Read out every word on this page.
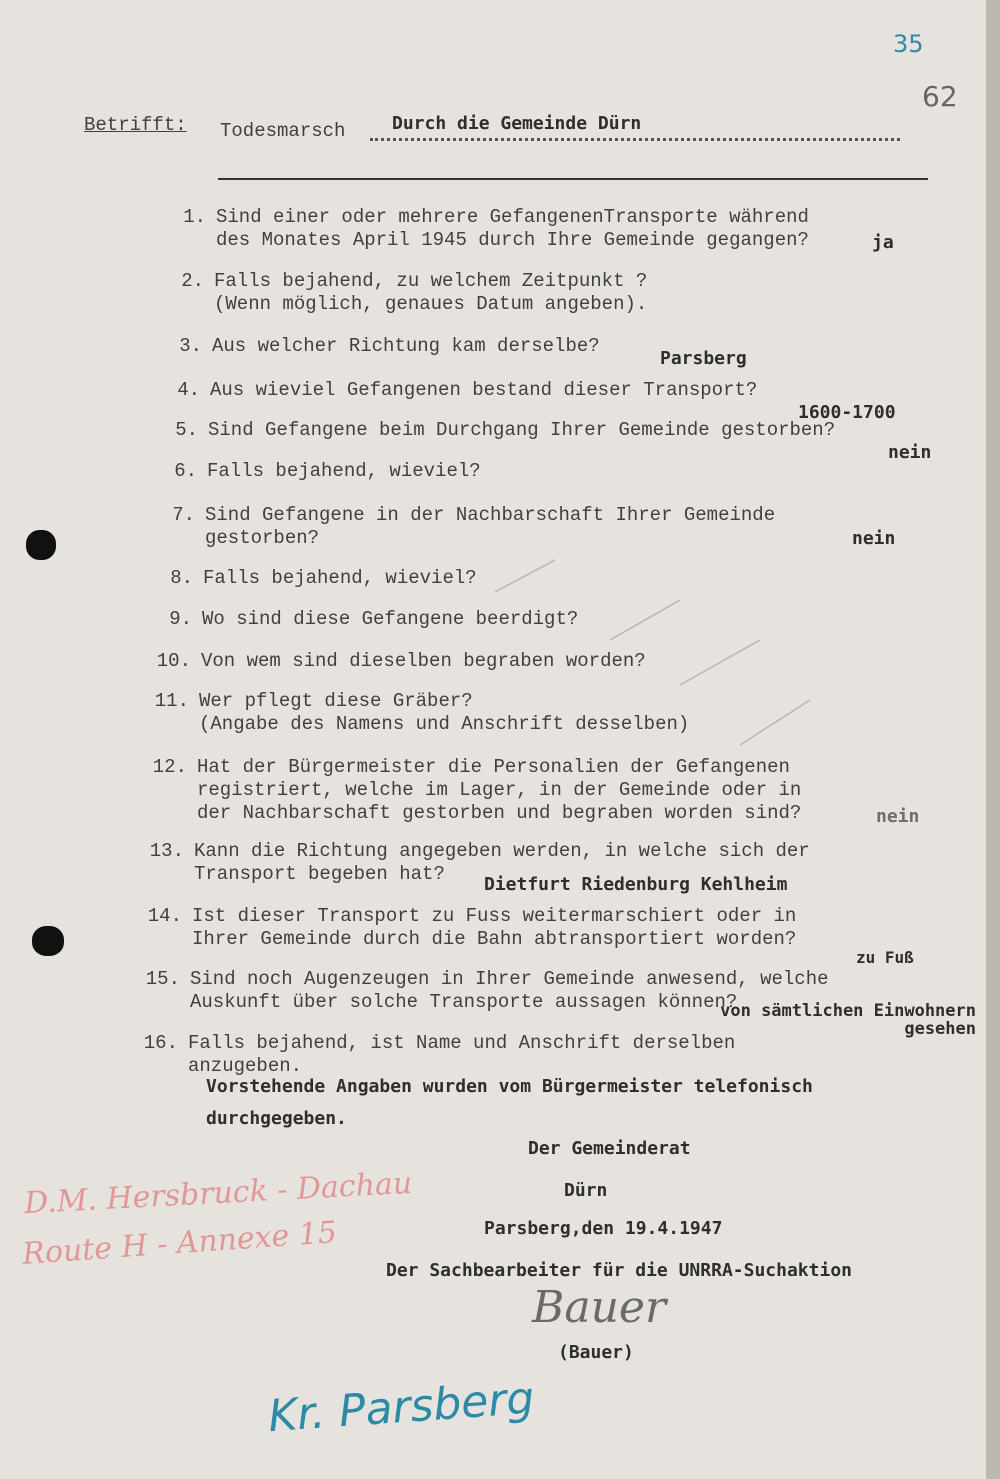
35
62
Betrifft: Todesmarsch	Durch die Gemeinde Dürn
1. Sind einer oder mehrere GefangenenTransporte während
des Monates April 1945 durch Ihre Gemeinde gegangen?	ja
2. Falls bejahend, zu welchem Zeitpunkt ?
(Wenn möglich, genaues Datum angeben).
3. Aus welcher Richtung kam derselbe?
Parsberg
4. Aus wieviel Gefangenen bestand dieser Transport?
1600-1700
5. Sind Gefangene beim Durchgang Ihrer Gemeinde gestorben?
nein
6. Falls bejahend, wieviel?
7. Sind Gefangene in der Nachbarschaft Ihrer Gemeinde
gestorben?	nein
8. Falls bejahend, wieviel?
9. Wo sind diese Gefangene beerdigt?
10. Von wem sind dieselben begraben worden?
11. Wer pflegt diese Gräber?
(Angabe des Namens und Anschrift desselben)
12. Hat der Bürgermeister die Personalien der Gefangenen
registriert, welche im Lager, in der Gemeinde oder in
der Nachbarschaft gestorben und begraben worden sind?	nein
13. Kann die Richtung angegeben werden, in welche sich der
Transport begeben hat?	Dietfurt Riedenburg Kehlheim
14. Ist dieser Transport zu Fuss weitermarschiert oder in
Ihrer Gemeinde durch die Bahn abtransportiert worden?
zu Fuß
15. Sind noch Augenzeugen in Ihrer Gemeinde anwesend, welche
Auskunft über solche Transporte aussagen können?
von sämtlichen Einwohnern gesehen
16. Falls bejahend, ist Name und Anschrift derselben
anzugeben.
Vorstehende Angaben wurden vom Bürgermeister telefonisch
durchgegeben.
Der Gemeinderat
Dürn
Parsberg,den 19.4.1947
Der Sachbearbeiter für die UNRRA-Suchaktion
Bauer
(Bauer)
D.M. Hersbruck - Dachau
Route H - Annexe 15
Kr. Parsberg
